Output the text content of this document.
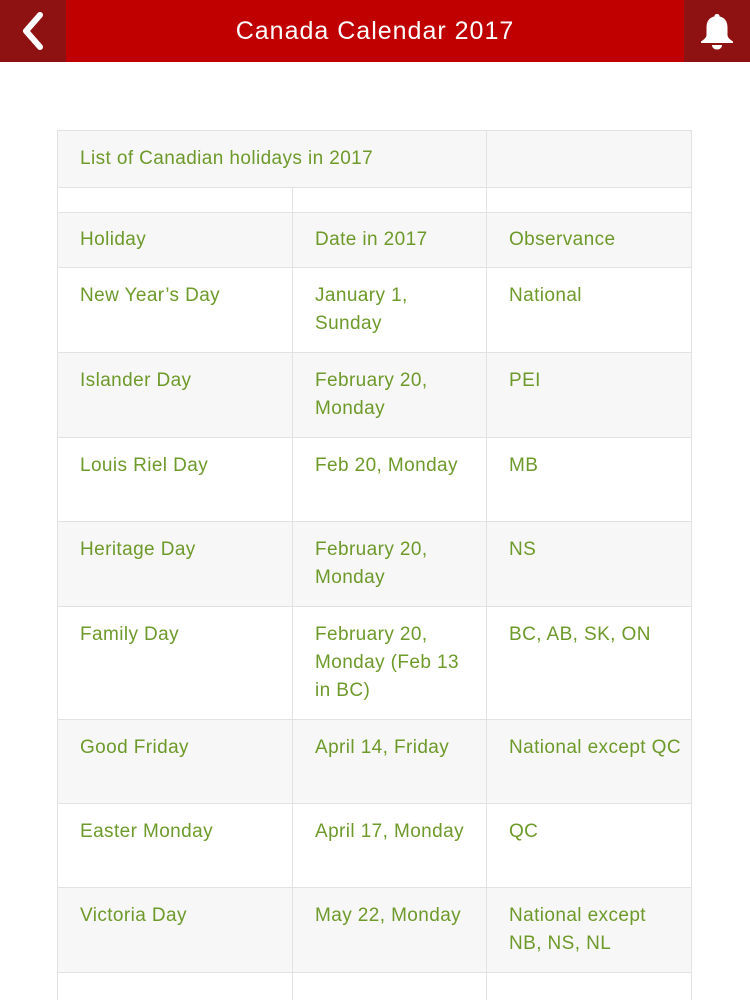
Canada Calendar 2017
List of Canadian holidays in 2017		

Holiday	Date in 2017	Observance
New Year’s Day	January 1, Sunday	National
Islander Day	February 20, Monday	PEI
Louis Riel Day	Feb 20, Monday	MB
Heritage Day	February 20, Monday	NS
Family Day	February 20, Monday (Feb 13 in BC)	BC, AB, SK, ON
Good Friday	April 14, Friday	National except QC
Easter Monday	April 17, Monday	QC
Victoria Day	May 22, Monday	National except NB, NS, NL
